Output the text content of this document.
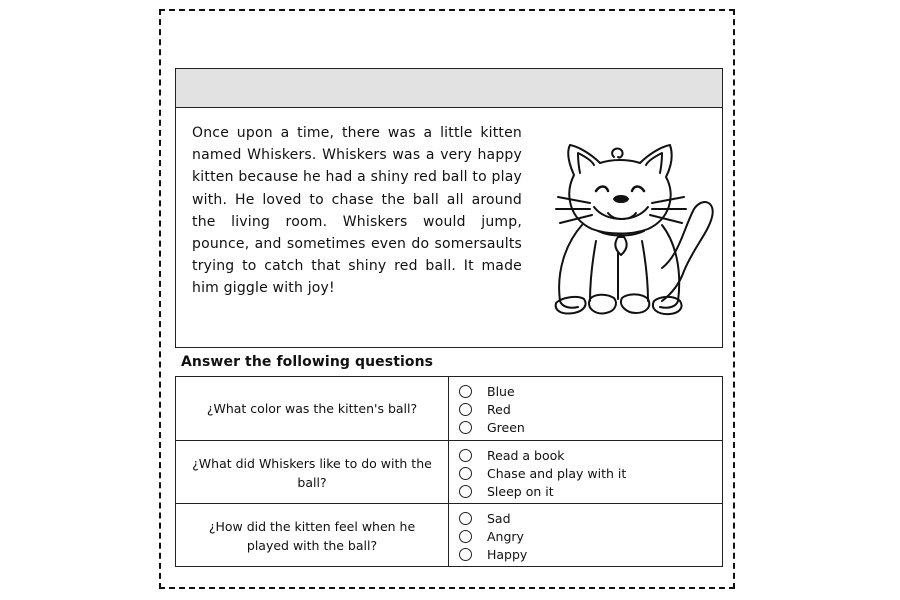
Once upon a time, there was a little kitten named Whiskers. Whiskers was a very happy kitten because he had a shiny red ball to play with. He loved to chase the ball all around the living room. Whiskers would jump, pounce, and sometimes even do somersaults trying to catch that shiny red ball. It made him giggle with joy!

Answer the following questions

¿What color was the kitten's ball?
Blue
Red
Green
¿What did Whiskers like to do with the ball?
Read a book
Chase and play with it
Sleep on it
¿How did the kitten feel when he played with the ball?
Sad
Angry
Happy
